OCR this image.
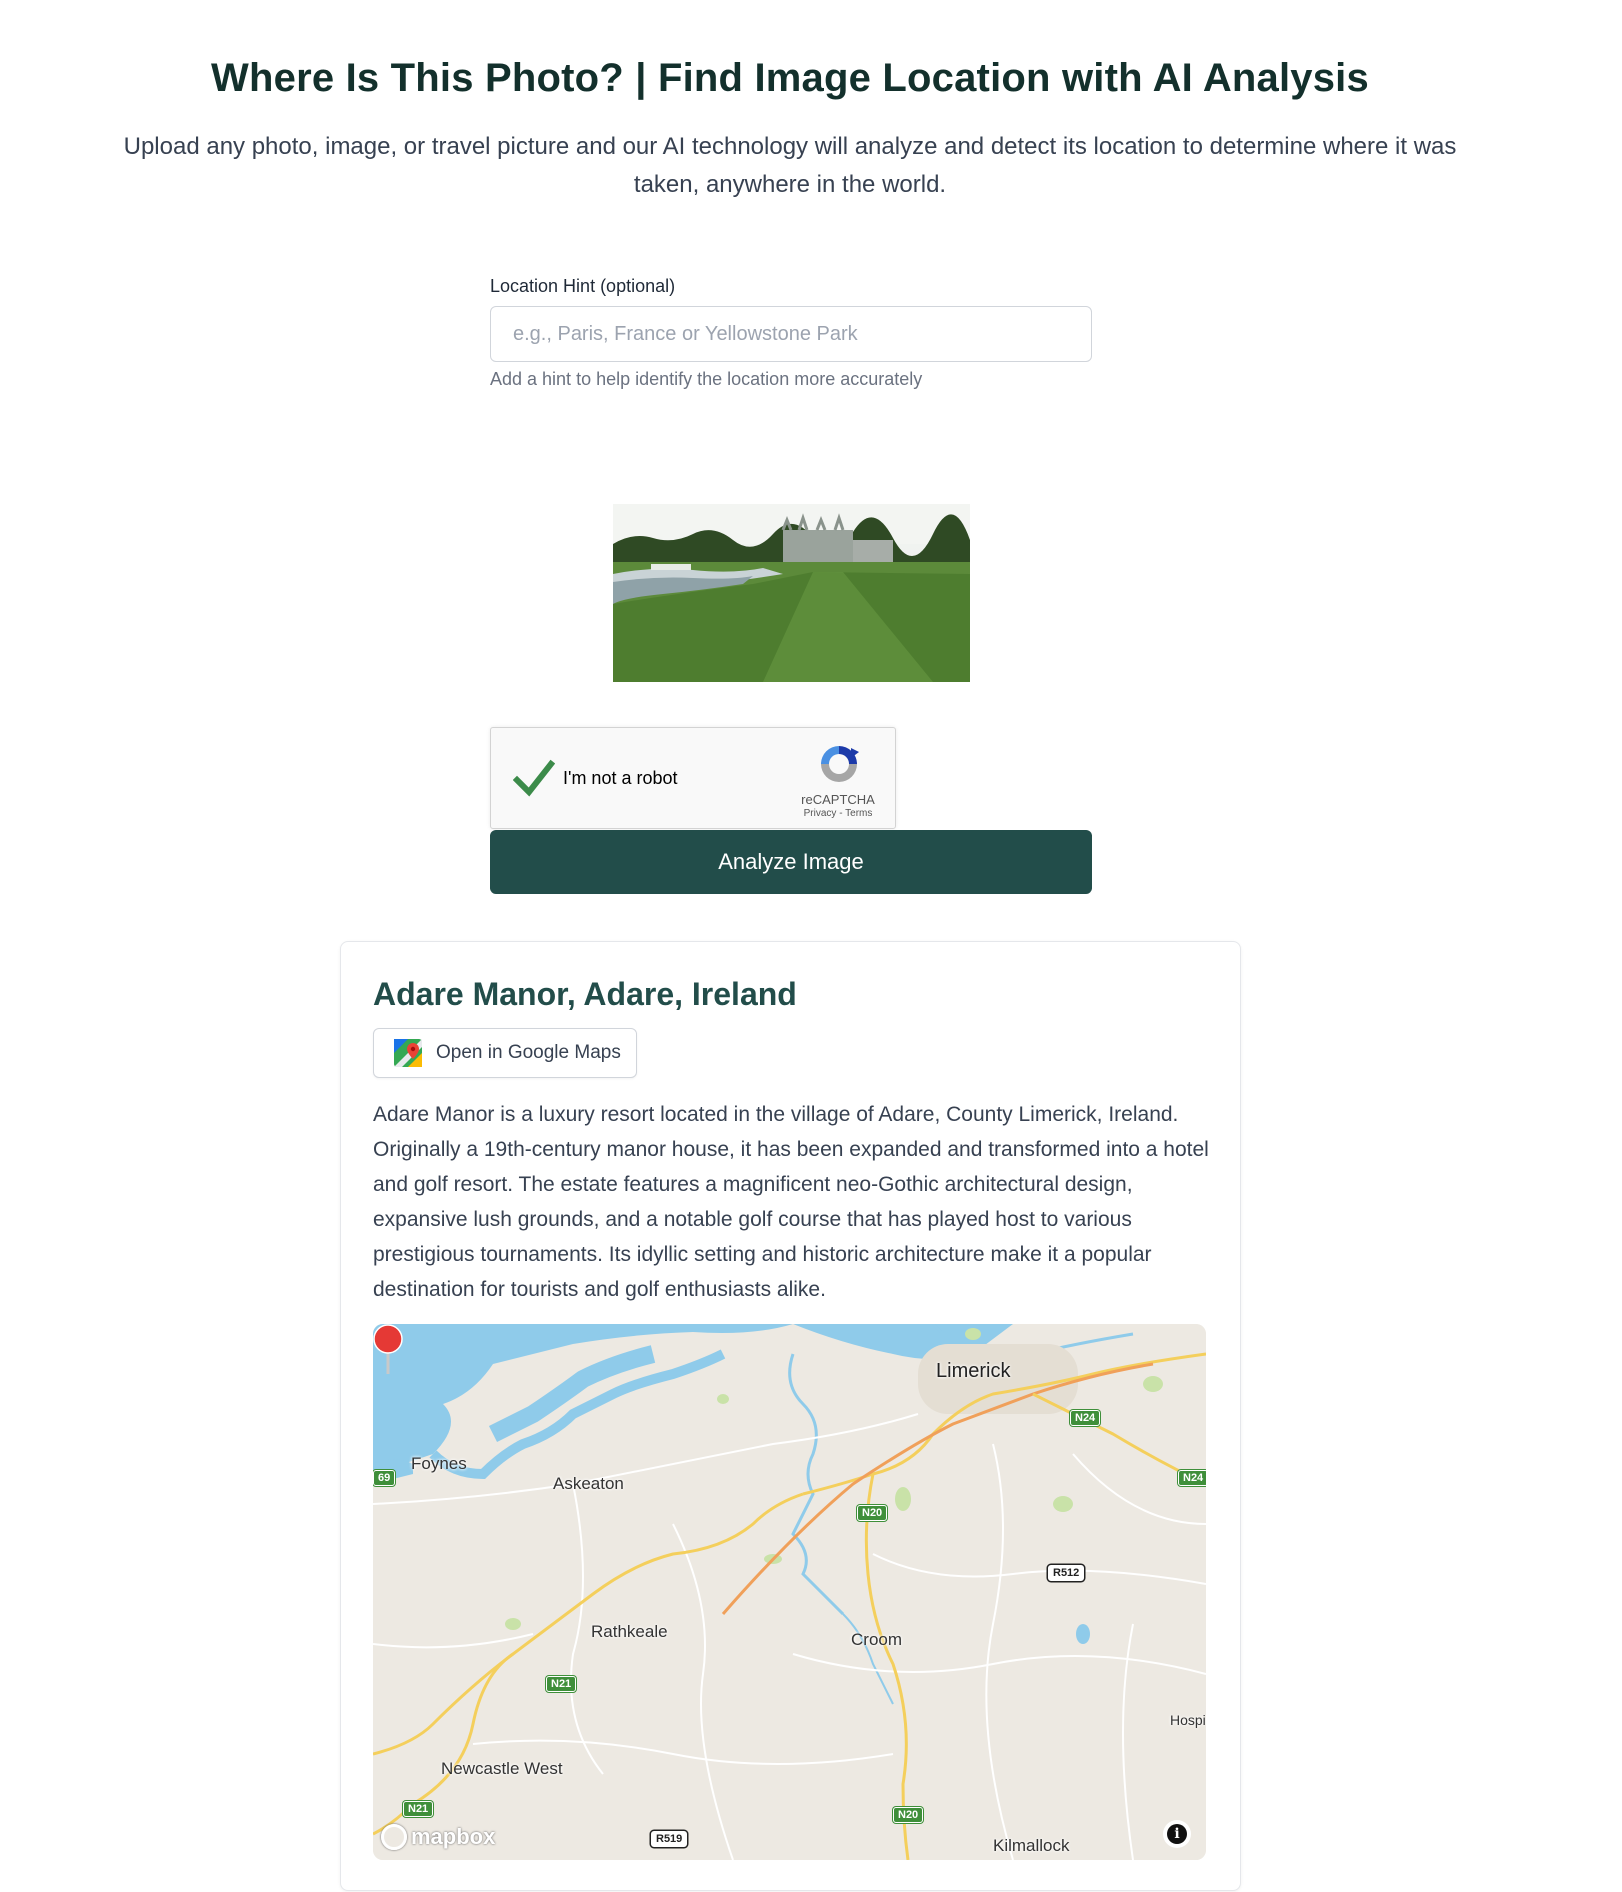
Where Is This Photo? | Find Image Location with AI Analysis

Upload any photo, image, or travel picture and our AI technology will analyze and detect its location to determine where it was taken, anywhere in the world.

Location Hint (optional)
e.g., Paris, France or Yellowstone Park
Add a hint to help identify the location more accurately
I'm not a robot
reCAPTCHA
Privacy - Terms
Analyze Image
Adare Manor, Adare, Ireland
Open in Google Maps

Adare Manor is a luxury resort located in the village of Adare, County Limerick, Ireland. Originally a 19th-century manor house, it has been expanded and transformed into a hotel and golf resort. The estate features a magnificent neo-Gothic architectural design, expansive lush grounds, and a notable golf course that has played host to various prestigious tournaments. Its idyllic setting and historic architecture make it a popular destination for tourists and golf enthusiasts alike.

Limerick
Foynes
Askeaton
Rathkeale	Croom
Newcastle West
Kilmallock
Hospi
N24
N24
N20
N20
R512
N21
N21
R519
69
mapbox	i
